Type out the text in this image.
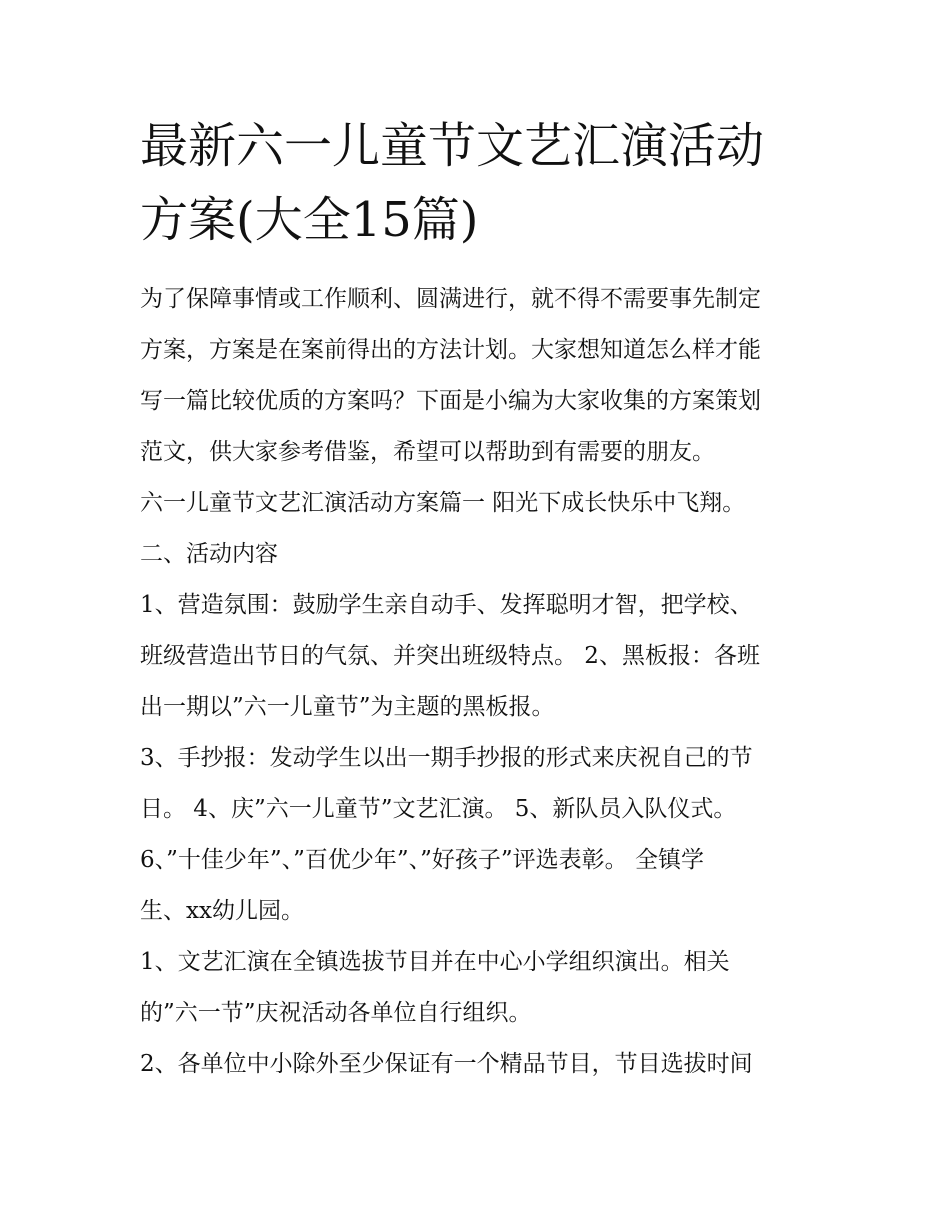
最新六一儿童节文艺汇演活动
方案(大全15篇)
为了保障事情或工作顺利、圆满进行，就不得不需要事先制定
方案，方案是在案前得出的方法计划。大家想知道怎么样才能
写一篇比较优质的方案吗？下面是小编为大家收集的方案策划
范文，供大家参考借鉴，希望可以帮助到有需要的朋友。
六一儿童节文艺汇演活动方案篇一 阳光下成长快乐中飞翔。
二、活动内容
1、营造氛围：鼓励学生亲自动手、发挥聪明才智，把学校、
班级营造出节日的气氛、并突出班级特点。 2、黑板报：各班
出一期以”六一儿童节”为主题的黑板报。
3、手抄报：发动学生以出一期手抄报的形式来庆祝自己的节
日。 4、庆”六一儿童节”文艺汇演。 5、新队员入队仪式。
6、”十佳少年”、”百优少年”、”好孩子”评选表彰。 全镇学
生、xx幼儿园。
1、文艺汇演在全镇选拔节目并在中心小学组织演出。相关
的”六一节”庆祝活动各单位自行组织。
2、各单位中小除外至少保证有一个精品节目，节目选拔时间
